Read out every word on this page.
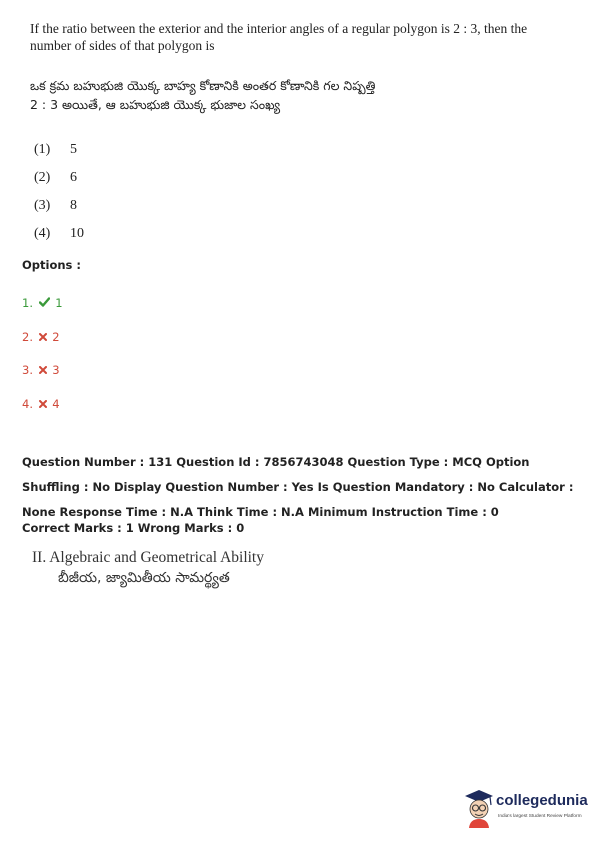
If the ratio between the exterior and the interior angles of a regular polygon is 2 : 3, then the number of sides of that polygon is
ఒక క్రమ బహుభుజి యొక్క బాహ్య కోణానికి అంతర కోణానికి గల నిష్పత్తి
2 : 3 అయితే, ఆ బహుభుజి యొక్క భుజాల సంఖ్య
(1) 5
(2) 6
(3) 8
(4) 10
Options :
1. 1
2. 2
3. 3
4. 4
Question Number : 131 Question Id : 7856743048 Question Type : MCQ Option Shuffling : No Display Question Number : Yes Is Question Mandatory : No Calculator : None Response Time : N.A Think Time : N.A Minimum Instruction Time : 0
Correct Marks : 1 Wrong Marks : 0
II. Algebraic and Geometrical Ability
బీజీయ, జ్యామితీయ సామర్థ్యత
collegedunia
India's largest Student Review Platform
